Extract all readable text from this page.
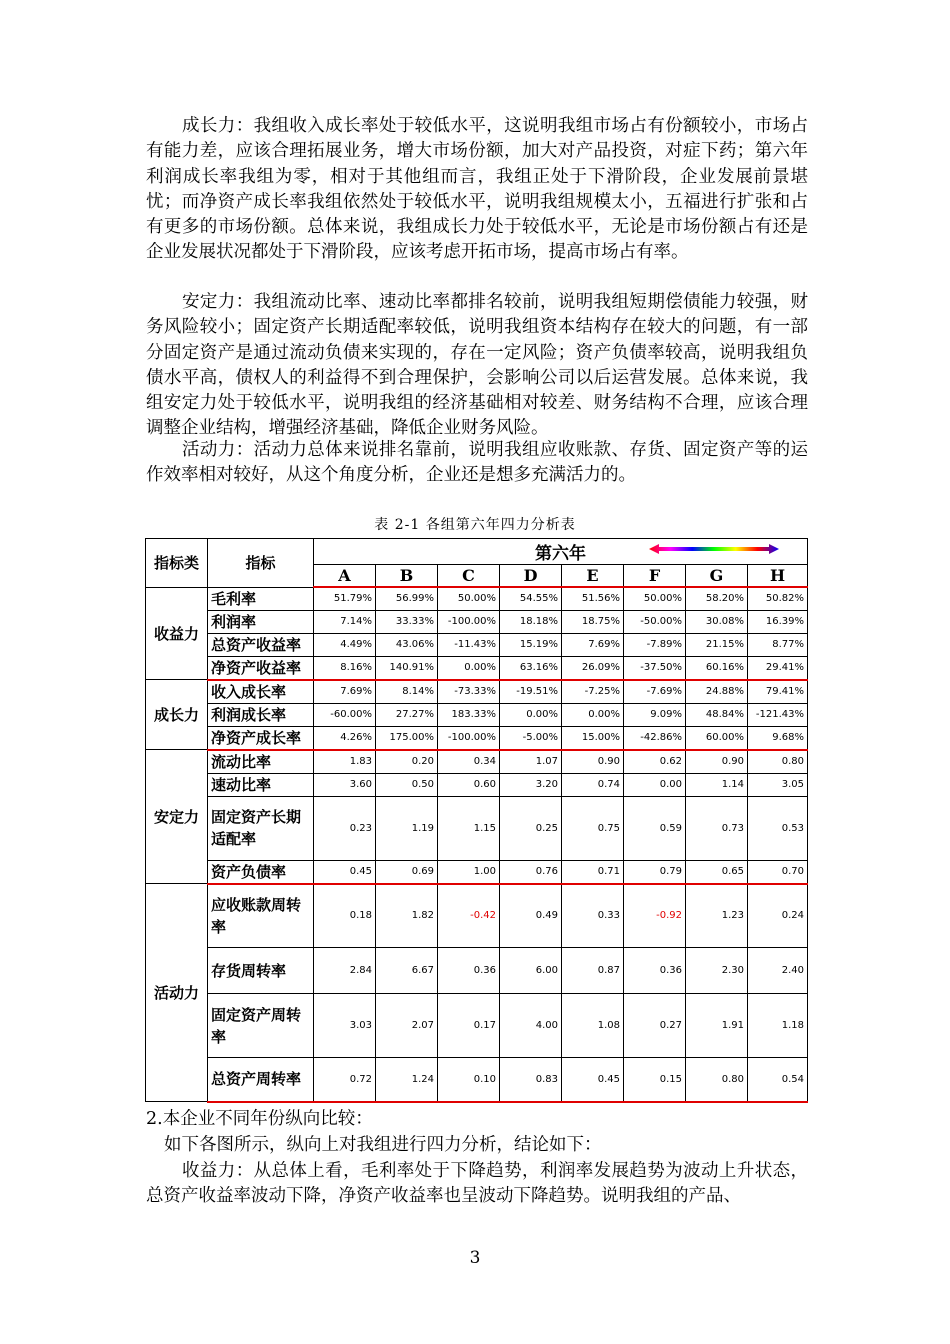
成长力：我组收入成长率处于较低水平，这说明我组市场占有份额较小，市场占有能力差，应该合理拓展业务，增大市场份额，加大对产品投资，对症下药；第六年利润成长率我组为零，相对于其他组而言，我组正处于下滑阶段，企业发展前景堪忧；而净资产成长率我组依然处于较低水平，说明我组规模太小，五福进行扩张和占有更多的市场份额。总体来说，我组成长力处于较低水平，无论是市场份额占有还是企业发展状况都处于下滑阶段，应该考虑开拓市场，提高市场占有率。

安定力：我组流动比率、速动比率都排名较前，说明我组短期偿债能力较强，财务风险较小；固定资产长期适配率较低，说明我组资本结构存在较大的问题，有一部分固定资产是通过流动负债来实现的，存在一定风险；资产负债率较高，说明我组负债水平高，债权人的利益得不到合理保护，会影响公司以后运营发展。总体来说，我组安定力处于较低水平，说明我组的经济基础相对较差、财务结构不合理，应该合理调整企业结构，增强经济基础，降低企业财务风险。

活动力：活动力总体来说排名靠前，说明我组应收账款、存货、固定资产等的运作效率相对较好，从这个角度分析，企业还是想多充满活力的。

表 2-1 各组第六年四力分析表
指标类	指标	第六年							

		A	B	C	D	E	F	G	H
收益力	毛利率	51.79%	56.99%	50.00%	54.55%	51.56%	50.00%	58.20%	50.82%
	利润率	7.14%	33.33%	-100.00%	18.18%	18.75%	-50.00%	30.08%	16.39%
	总资产收益率	4.49%	43.06%	-11.43%	15.19%	7.69%	-7.89%	21.15%	8.77%
	净资产收益率	8.16%	140.91%	0.00%	63.16%	26.09%	-37.50%	60.16%	29.41%
成长力	收入成长率	7.69%	8.14%	-73.33%	-19.51%	-7.25%	-7.69%	24.88%	79.41%
	利润成长率	-60.00%	27.27%	183.33%	0.00%	0.00%	9.09%	48.84%	-121.43%
	净资产成长率	4.26%	175.00%	-100.00%	-5.00%	15.00%	-42.86%	60.00%	9.68%
安定力	流动比率	1.83	0.20	0.34	1.07	0.90	0.62	0.90	0.80
	速动比率	3.60	0.50	0.60	3.20	0.74	0.00	1.14	3.05
	固定资产长期适配率	0.23	1.19	1.15	0.25	0.75	0.59	0.73	0.53
	资产负债率	0.45	0.69	1.00	0.76	0.71	0.79	0.65	0.70
活动力	应收账款周转率	0.18	1.82	-0.42	0.49	0.33	-0.92	1.23	0.24
	存货周转率	2.84	6.67	0.36	6.00	0.87	0.36	2.30	2.40
	固定资产周转率	3.03	2.07	0.17	4.00	1.08	0.27	1.91	1.18
	总资产周转率	0.72	1.24	0.10	0.83	0.45	0.15	0.80	0.54

2.本企业不同年份纵向比较：

如下各图所示，纵向上对我组进行四力分析，结论如下：

收益力：从总体上看，毛利率处于下降趋势，利润率发展趋势为波动上升状态，总资产收益率波动下降，净资产收益率也呈波动下降趋势。说明我组的产品、

3
